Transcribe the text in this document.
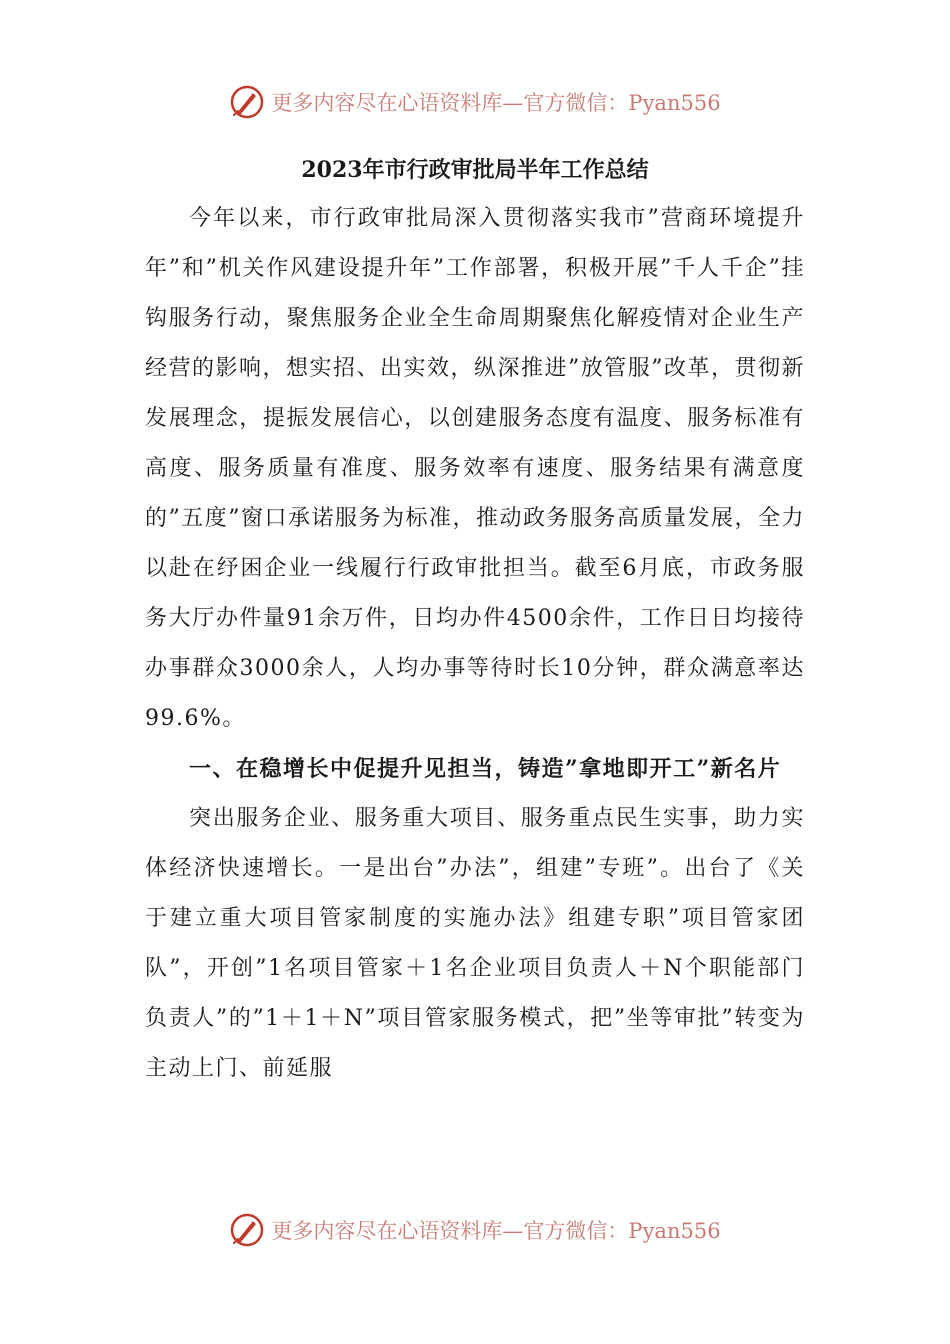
更多内容尽在心语资料库—官方微信：Pyan556
2023年市行政审批局半年工作总结

今年以来，市行政审批局深入贯彻落实我市”营商环境提升年”和”机关作风建设提升年”工作部署，积极开展”千人千企”挂钩服务行动，聚焦服务企业全生命周期聚焦化解疫情对企业生产经营的影响，想实招、出实效，纵深推进”放管服”改革，贯彻新发展理念，提振发展信心，以创建服务态度有温度、服务标准有高度、服务质量有准度、服务效率有速度、服务结果有满意度的”五度”窗口承诺服务为标准，推动政务服务高质量发展，全力以赴在纾困企业一线履行行政审批担当。截至6月底，市政务服务大厅办件量91余万件，日均办件4500余件，工作日日均接待办事群众3000余人，人均办事等待时长10分钟，群众满意率达99.6%。

一、在稳增长中促提升见担当，铸造”拿地即开工”新名片

突出服务企业、服务重大项目、服务重点民生实事，助力实体经济快速增长。一是出台”办法”，组建”专班”。出台了《关于建立重大项目管家制度的实施办法》组建专职”项目管家团队”，开创”1名项目管家＋1名企业项目负责人＋N个职能部门负责人”的”1＋1＋N”项目管家服务模式，把”坐等审批”转变为主动上门、前延服

更多内容尽在心语资料库—官方微信：Pyan556
